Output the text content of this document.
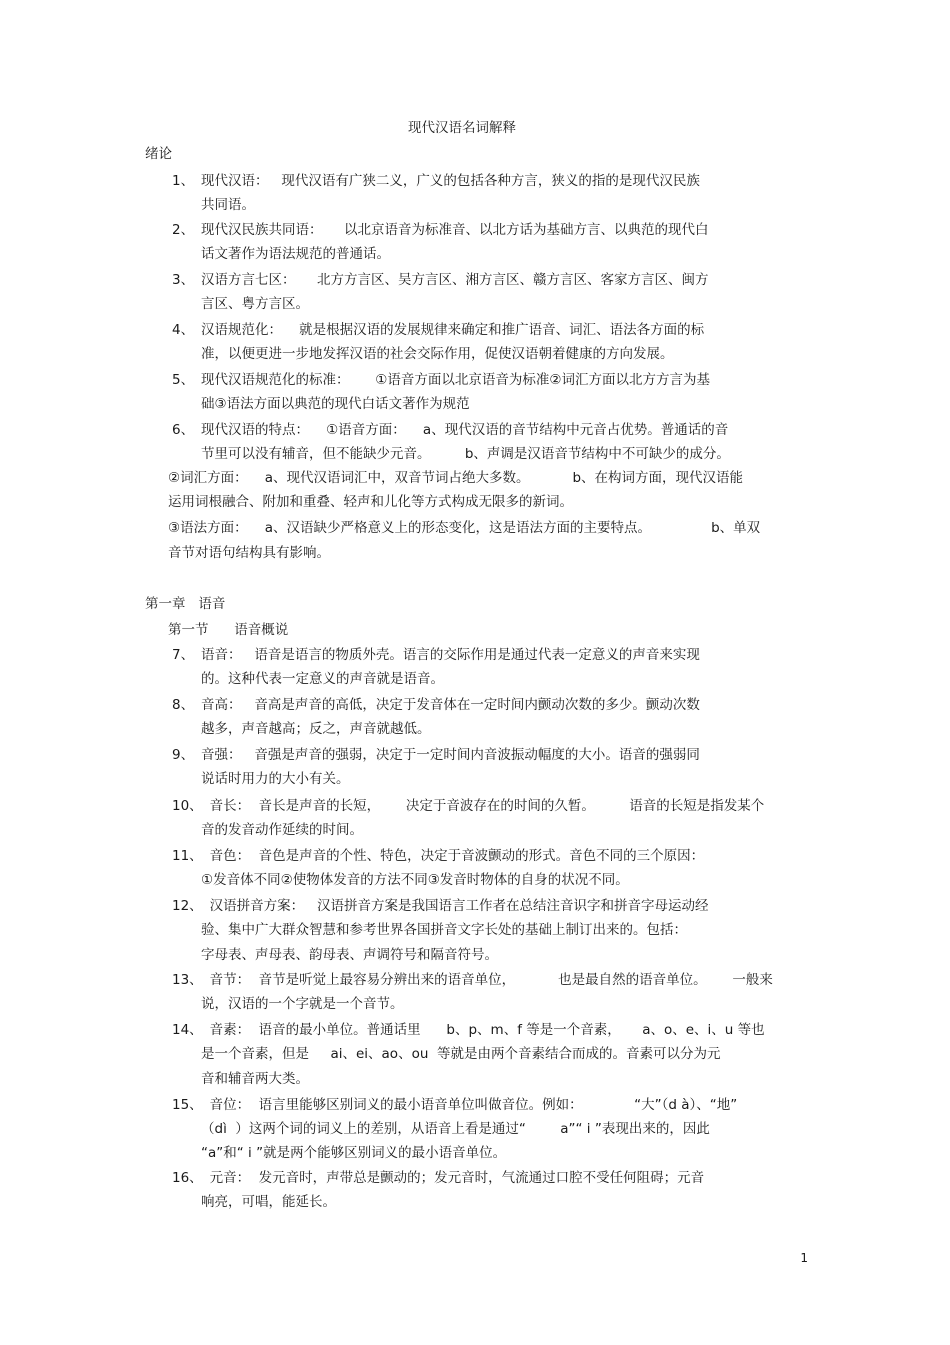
现代汉语名词解释
绪论
1、 现代汉语：   现代汉语有广狭二义，广义的包括各种方言，狭义的指的是现代汉民族
共同语。
2、 现代汉民族共同语：     以北京语音为标准音、以北方话为基础方言、以典范的现代白
话文著作为语法规范的普通话。
3、 汉语方言七区：     北方方言区、吴方言区、湘方言区、赣方言区、客家方言区、闽方
言区、粤方言区。
4、 汉语规范化：    就是根据汉语的发展规律来确定和推广语音、词汇、语法各方面的标
准，以便更进一步地发挥汉语的社会交际作用，促使汉语朝着健康的方向发展。
5、 现代汉语规范化的标准：      ①语音方面以北京语音为标准②词汇方面以北方方言为基
础③语法方面以典范的现代白话文著作为规范
6、 现代汉语的特点：    ①语音方面：    a、现代汉语的音节结构中元音占优势。普通话的音
节里可以没有辅音，但不能缺少元音。        b、声调是汉语音节结构中不可缺少的成分。
②词汇方面：    a、现代汉语词汇中，双音节词占绝大多数。          b、在构词方面，现代汉语能
运用词根融合、附加和重叠、轻声和儿化等方式构成无限多的新词。
③语法方面：    a、汉语缺少严格意义上的形态变化，这是语法方面的主要特点。              b、单双
音节对语句结构具有影响。
第一章   语音
第一节      语音概说
7、 语音：   语音是语言的物质外壳。语言的交际作用是通过代表一定意义的声音来实现
的。这种代表一定意义的声音就是语音。
8、 音高：   音高是声音的高低，决定于发音体在一定时间内颤动次数的多少。颤动次数
越多，声音越高；反之，声音就越低。
9、 音强：   音强是声音的强弱，决定于一定时间内音波振动幅度的大小。语音的强弱同
说话时用力的大小有关。
10、
音长：  音长是声音的长短，      决定于音波存在的时间的久暂。        语音的长短是指发某个
音的发音动作延续的时间。
11、
音色：  音色是声音的个性、特色，决定于音波颤动的形式。音色不同的三个原因：
①发音体不同②使物体发音的方法不同③发音时物体的自身的状况不同。
12、
汉语拼音方案：   汉语拼音方案是我国语言工作者在总结注音识字和拼音字母运动经
验、集中广大群众智慧和参考世界各国拼音文字长处的基础上制订出来的。包括：
字母表、声母表、韵母表、声调符号和隔音符号。
13、
音节：  音节是听觉上最容易分辨出来的语音单位，          也是最自然的语音单位。      一般来
说，汉语的一个字就是一个音节。
14、
音素：  语音的最小单位。普通话里      b、p、m、f 等是一个音素，     a、o、e、i、u 等也
是一个音素，但是     ai、ei、ao、ou  等就是由两个音素结合而成的。音素可以分为元
音和辅音两大类。
15、
音位：  语言里能够区别词义的最小语音单位叫做音位。例如：            “大”（d à）、“地”
（dì  ）这两个词的词义上的差别，从语音上看是通过“        a”“ i ”表现出来的，因此
“a”和“ i ”就是两个能够区别词义的最小语音单位。
16、
元音：  发元音时，声带总是颤动的；发元音时，气流通过口腔不受任何阻碍；元音
响亮，可唱，能延长。
1
